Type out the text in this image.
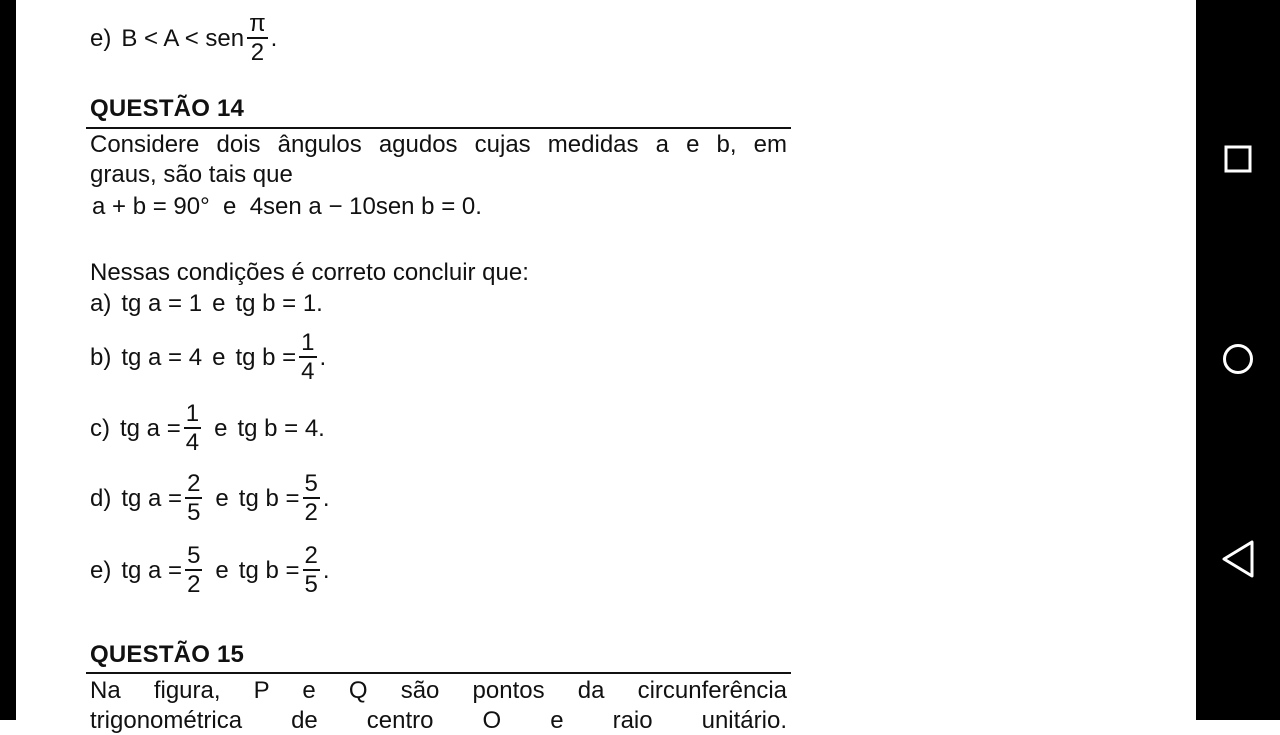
e) B < A < sen $\frac{\pi}{2}$ .
QUESTÃO 14
Considere dois ângulos agudos cujas medidas a e b, em
graus, são tais que
a + b = 90°  e  4sen a − 10sen b = 0.
Nessas condições é correto concluir que:
a) tg a = 1 e tg b = 1.
b) tg a = 4 e tg $b = \frac{1}{4}$ .
c) tg $a = \frac{1}{4}$ e tg b = 4.
d) tg $a = \frac{2}{5}$ e tg $b = \frac{5}{2}$ .
e) tg $a = \frac{5}{2}$ e tg $b = \frac{2}{5}$ .
QUESTÃO 15
Na figura, P e Q são pontos da circunferência
trigonométrica de centro O e raio unitário.
